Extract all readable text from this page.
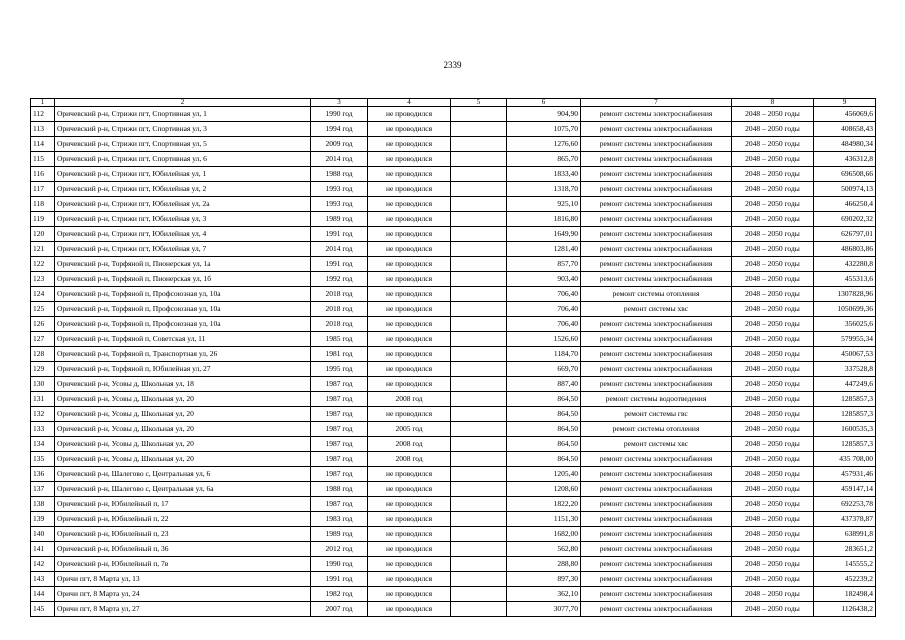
2339
1	2	3	4	5	6	7	8	9
112	Оричевский р-н, Стрижи пгт, Спортивная ул, 1	1990 год	не проводился		904,90	ремонт системы электроснабжения	2048 – 2050 годы	456069,6
113	Оричевский р-н, Стрижи пгт, Спортивная ул, 3	1994 год	не проводился		1075,70	ремонт системы электроснабжения	2048 – 2050 годы	408658,43
114	Оричевский р-н, Стрижи пгт, Спортивная ул, 5	2009 год	не проводился		1276,60	ремонт системы электроснабжения	2048 – 2050 годы	484980,34
115	Оричевский р-н, Стрижи пгт, Спортивная ул, 6	2014 год	не проводился		865,70	ремонт системы электроснабжения	2048 – 2050 годы	436312,8
116	Оричевский р-н, Стрижи пгт, Юбилейная ул, 1	1988 год	не проводился		1833,40	ремонт системы электроснабжения	2048 – 2050 годы	696508,66
117	Оричевский р-н, Стрижи пгт, Юбилейная ул, 2	1993 год	не проводился		1318,70	ремонт системы электроснабжения	2048 – 2050 годы	500974,13
118	Оричевский р-н, Стрижи пгт, Юбилейная ул, 2а	1993 год	не проводился		925,10	ремонт системы электроснабжения	2048 – 2050 годы	466250,4
119	Оричевский р-н, Стрижи пгт, Юбилейная ул, 3	1989 год	не проводился		1816,80	ремонт системы электроснабжения	2048 – 2050 годы	690202,32
120	Оричевский р-н, Стрижи пгт, Юбилейная ул, 4	1991 год	не проводился		1649,90	ремонт системы электроснабжения	2048 – 2050 годы	626797,01
121	Оричевский р-н, Стрижи пгт, Юбилейная ул, 7	2014 год	не проводился		1281,40	ремонт системы электроснабжения	2048 – 2050 годы	486803,86
122	Оричевский р-н, Торфяной п, Пионерская ул, 1а	1991 год	не проводился		857,70	ремонт системы электроснабжения	2048 – 2050 годы	432280,8
123	Оричевский р-н, Торфяной п, Пионерская ул, 1б	1992 год	не проводился		903,40	ремонт системы электроснабжения	2048 – 2050 годы	455313,6
124	Оричевский р-н, Торфяной п, Профсоюзная ул, 10а	2018 год	не проводился		706,40	ремонт системы отопления	2048 – 2050 годы	1307828,96
125	Оричевский р-н, Торфяной п, Профсоюзная ул, 10а	2018 год	не проводился		706,40	ремонт системы хвс	2048 – 2050 годы	1050699,36
126	Оричевский р-н, Торфяной п, Профсоюзная ул, 10а	2018 год	не проводился		706,40	ремонт системы электроснабжения	2048 – 2050 годы	356025,6
127	Оричевский р-н, Торфяной п, Советская ул, 11	1985 год	не проводился		1526,60	ремонт системы электроснабжения	2048 – 2050 годы	579955,34
128	Оричевский р-н, Торфяной п, Транспортная ул, 26	1981 год	не проводился		1184,70	ремонт системы электроснабжения	2048 – 2050 годы	450067,53
129	Оричевский р-н, Торфяной п, Юбилейная ул, 27	1995 год	не проводился		669,70	ремонт системы электроснабжения	2048 – 2050 годы	337528,8
130	Оричевский р-н, Усовы д, Школьная ул, 18	1987 год	не проводился		887,40	ремонт системы электроснабжения	2048 – 2050 годы	447249,6
131	Оричевский р-н, Усовы д, Школьная ул, 20	1987 год	2008 год		864,50	ремонт системы водоотведения	2048 – 2050 годы	1285857,3
132	Оричевский р-н, Усовы д, Школьная ул, 20	1987 год	не проводился		864,50	ремонт системы гвс	2048 – 2050 годы	1285857,3
133	Оричевский р-н, Усовы д, Школьная ул, 20	1987 год	2005 год		864,50	ремонт системы отопления	2048 – 2050 годы	1600535,3
134	Оричевский р-н, Усовы д, Школьная ул, 20	1987 год	2008 год		864,50	ремонт системы хвс	2048 – 2050 годы	1285857,3
135	Оричевский р-н, Усовы д, Школьная ул, 20	1987 год	2008 год		864,50	ремонт системы электроснабжения	2048 – 2050 годы	435 708,00
136	Оричевский р-н, Шалегово с, Центральная ул, 6	1987 год	не проводился		1205,40	ремонт системы электроснабжения	2048 – 2050 годы	457931,46
137	Оричевский р-н, Шалегово с, Центральная ул, 6а	1988 год	не проводился		1208,60	ремонт системы электроснабжения	2048 – 2050 годы	459147,14
138	Оричевский р-н, Юбилейный п, 17	1987 год	не проводился		1822,20	ремонт системы электроснабжения	2048 – 2050 годы	692253,78
139	Оричевский р-н, Юбилейный п, 22	1983 год	не проводился		1151,30	ремонт системы электроснабжения	2048 – 2050 годы	437378,87
140	Оричевский р-н, Юбилейный п, 23	1989 год	не проводился		1682,00	ремонт системы электроснабжения	2048 – 2050 годы	638991,8
141	Оричевский р-н, Юбилейный п, 36	2012 год	не проводился		562,80	ремонт системы электроснабжения	2048 – 2050 годы	283651,2
142	Оричевский р-н, Юбилейный п, 7в	1990 год	не проводился		288,80	ремонт системы электроснабжения	2048 – 2050 годы	145555,2
143	Оричи пгт, 8 Марта ул, 13	1991 год	не проводился		897,30	ремонт системы электроснабжения	2048 – 2050 годы	452239,2
144	Оричи пгт, 8 Марта ул, 24	1982 год	не проводился		362,10	ремонт системы электроснабжения	2048 – 2050 годы	182498,4
145	Оричи пгт, 8 Марта ул, 27	2007 год	не проводился		3077,70	ремонт системы электроснабжения	2048 – 2050 годы	1126438,2
